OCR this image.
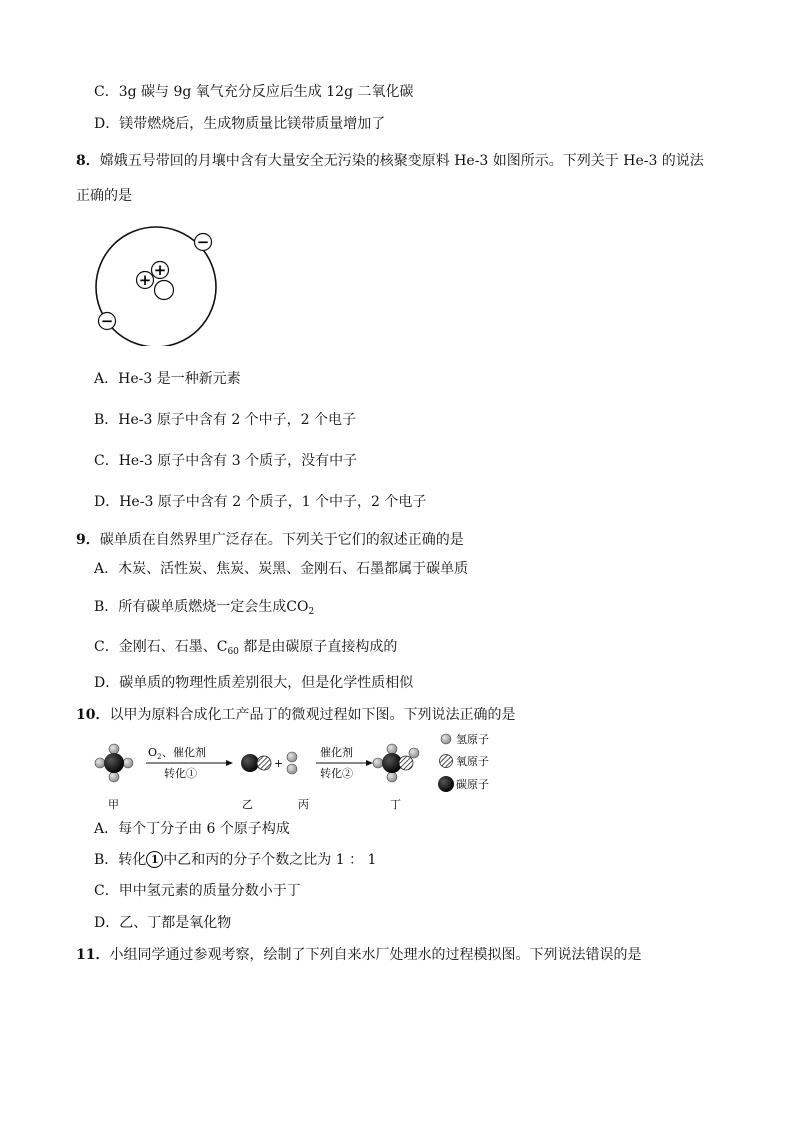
C．3g 碳与 9g 氧气充分反应后生成 12g 二氧化碳
D．镁带燃烧后，生成物质量比镁带质量增加了
8．嫦娥五号带回的月壤中含有大量安全无污染的核聚变原料 He-3 如图所示。下列关于 He-3 的说法
正确的是
+
+
−
−
A．He-3 是一种新元素
B．He-3 原子中含有 2 个中子，2 个电子
C．He-3 原子中含有 3 个质子，没有中子
D．He-3 原子中含有 2 个质子，1 个中子，2 个电子
9．碳单质在自然界里广泛存在。下列关于它们的叙述正确的是
A．木炭、活性炭、焦炭、炭黑、金刚石、石墨都属于碳单质
B．所有碳单质燃烧一定会生成$CO_2$
C．金刚石、石墨、$C_{60}$ 都是由碳原子直接构成的
D．碳单质的物理性质差别很大，但是化学性质相似
10．以甲为原料合成化工产品丁的微观过程如下图。下列说法正确的是
O 2 、催化剂
转化①
+
催化剂
转化②
氢原子
氧原子
碳原子
甲	乙	丙	丁
A．每个丁分子由 6 个原子构成
B．转化 1 中乙和丙的分子个数之比为 1 ： 1
C．甲中氢元素的质量分数小于丁
D．乙、丁都是氧化物
11．小组同学通过参观考察，绘制了下列自来水厂处理水的过程模拟图。下列说法错误的是
